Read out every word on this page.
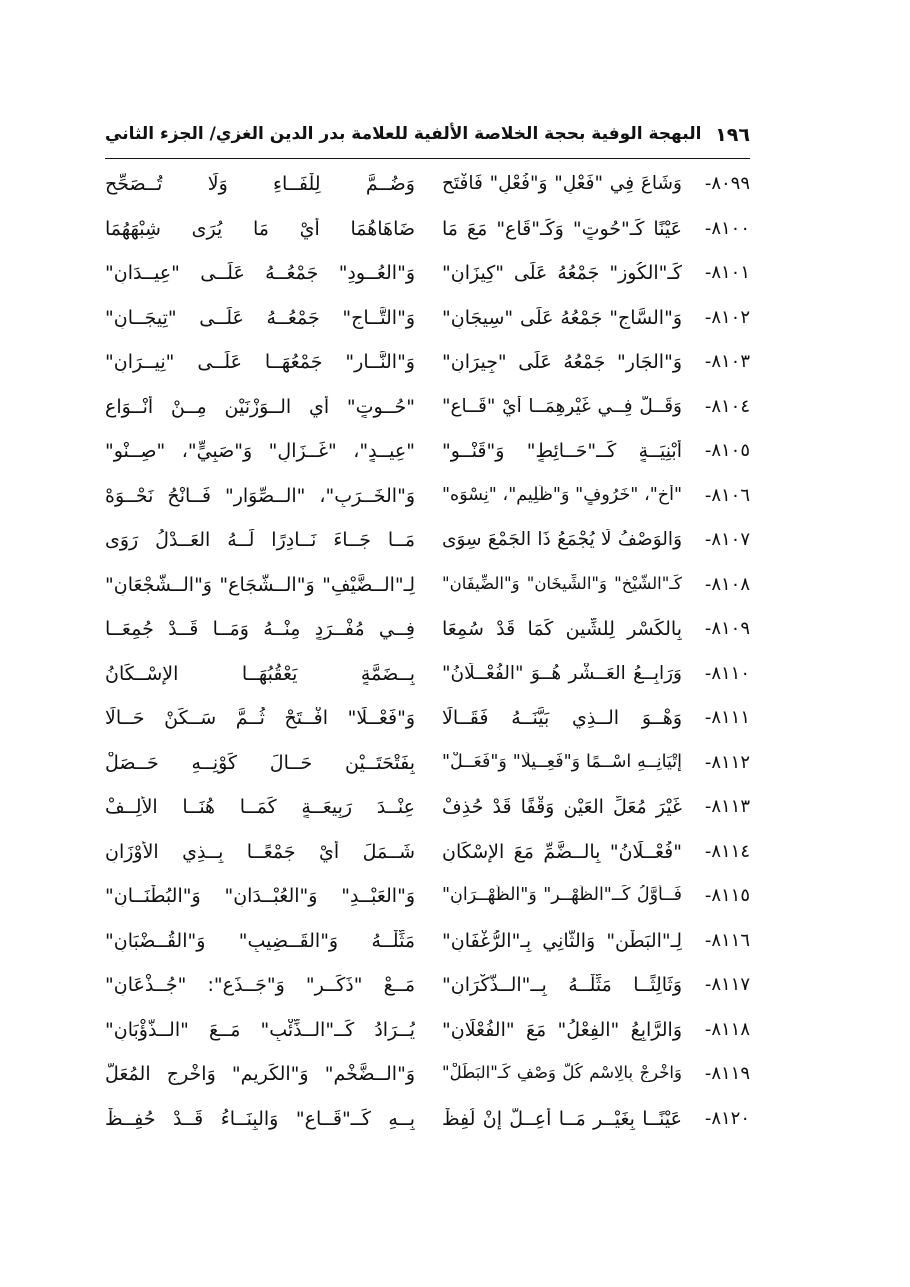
١٩٦
البهجة الوفية بحجة الخلاصة الألفية للعلامة بدر الدين الغزي/ الجزء الثاني
٨٠٩٩-
وَشَاعَ فِي "فَعْلٍ" وَ"فُعْلٍ" فَافْتَحِ
وَضُــمَّ لِلْفَــاءِ وَلَا تُــصَحِّحِ
٨١٠٠-
عَيْنًا كَـ"حُوتٍ" وَكَـ"قَاعٍ" مَعَ مَا
ضَاهَاهُمَا أَيْ مَا يُرَى شِبْهَهُمَا
٨١٠١-
كَـ"الكُوزِ" جَمْعُهُ عَلَى "كِيزَانِ"
وَ"العُــودِ" جَمْعُــهُ عَلَــى "عِيــدَانِ"
٨١٠٢-
وَ"السَّاجِ" جَمْعُهُ عَلَى "سِيجَانِ"
وَ"التَّــاجِ" جَمْعُــهُ عَلَــى "تِيجَــانِ"
٨١٠٣-
وَ"الجَارِ" جَمْعُهُ عَلَى "جِيرَانِ"
وَ"النَّــارِ" جَمْعُهَــا عَلَــى "نِيــرَانِ"
٨١٠٤-
وَقَــلَّ فِــي غَيْرِهِمَــا أَيْ "قَــاعِ"
"حُــوتٍ" أَيِ الــوَزْنَيْنِ مِــنْ أَنْــوَاعِ
٨١٠٥-
أَبْنِيَــةٍ كَــ"حَــائِطٍ" وَ"قَنْــوِ"
"عِيــدٍ"، "غَــزَالٍ" وَ"صَبِيٍّ"، "صِــنْوِ"
٨١٠٦-
"أَخٍ"، "خَرُوفٍ" وَ"ظَلِيمٍ"، "نِسْوَه"
وَ"الخَــرَبِ"، "الــصِّوَارِ" فَــانْحُ نَحْــوَهْ
٨١٠٧-
وَالوَصْفُ لَا يُجْمَعُ ذَا الجَمْعَ سِوَى
مَــا جَــاءَ نَــادِرًا لَــهُ العَــدْلُ رَوَى
٨١٠٨-
كَـ"الشَّيْخِ" وَ"الشِّيخَانِ" وَ"الضِّيفَانِ"
لِـ"الــضَّيْفِ" وَ"الــشُّجَاعِ" وَ"الــشُّجْعَانِ"
٨١٠٩-
بِالكَسْرِ لِلشِّينِ كَمَا قَدْ سُمِعَا
فِــي مُفْــرَدٍ مِنْــهُ وَمَــا قَــدْ جُمِعَــا
٨١١٠-
وَرَابِــعُ العَــشْرِ هُــوَ "الفُعْــلَانُ"
بِــضَمَّةٍ يَعْقُبُهَــا الإِسْــكَانُ
٨١١١-
وَهْــوَ الــذِي بَيَّنَــهُ فَقَــالَا
وَ"فَعْــلًا" افْــتَحْ ثُــمَّ سَــكِّنْ حَــالَا
٨١١٢-
إِتْيَانِــهِ اسْــمًا وَ"فَعِــيلًا" وَ"فَعَــلْ"
بِفَتْحَتَــيْنِ حَــالَ كَوْنِــهِ حَــصَلْ
٨١١٣-
غَيْرَ مُعَلِّ العَيْنِ وَقْفًا قَدْ حُذِفْ
عِنْــدَ رَبِيعَــةٍ كَمَــا هُنَــا الأَلِــفْ
٨١١٤-
"فُعْــلَانُ" بِالــضَّمِّ مَعَ الإِسْكَانِ
شَــمَلَ أَيْ جَمْعًــا بِــذِي الأَوْزَانِ
٨١١٥-
فَــأَوَّلُ كَــ"الظَّهْــرِ" وَ"الظُّهْــرَانِ"
وَ"العَبْــدِ" وَ"العُبْــدَانِ" وَ"البُطْنَــانِ"
٨١١٦-
لِـ"البَطْنِ" وَالثَّانِي بِـ"الرُّغْفَانِ"
مَثِّلْــهُ وَ"القَــضِيبِ" وَ"القُــضْبَانِ"
٨١١٧-
وَثَالِثًــا مَثِّلْــهُ بِــ"الــذُّكْرَانِ"
مَــعْ "ذَكَــرٍ" وَ"جَــذَعٍ": "جُــذْعَانِ"
٨١١٨-
وَالرَّابِعُ "الفِعْلُ" مَعَ "الفُعْلَانِ"
يُــرَادُ كَــ"الــذِّئْبِ" مَــعَ "الــذُّؤْبَانِ"
٨١١٩-
وَاخْرِجْ بِالِاسْمِ كُلَّ وَصْفٍ كَـ"البَطَلْ"
وَ"الــضَّخْمِ" وَ"الكَرِيمِ" وَاخْرِجِ المُعَلّ
٨١٢٠-
عَيْنًــا بِغَيْــرِ مَــا أُعِــلَّ إِنْ لُفِظْ
بِــهِ كَــ"قَــاعٍ" وَالبِنَــاءُ قَــدْ حُفِــظْ
